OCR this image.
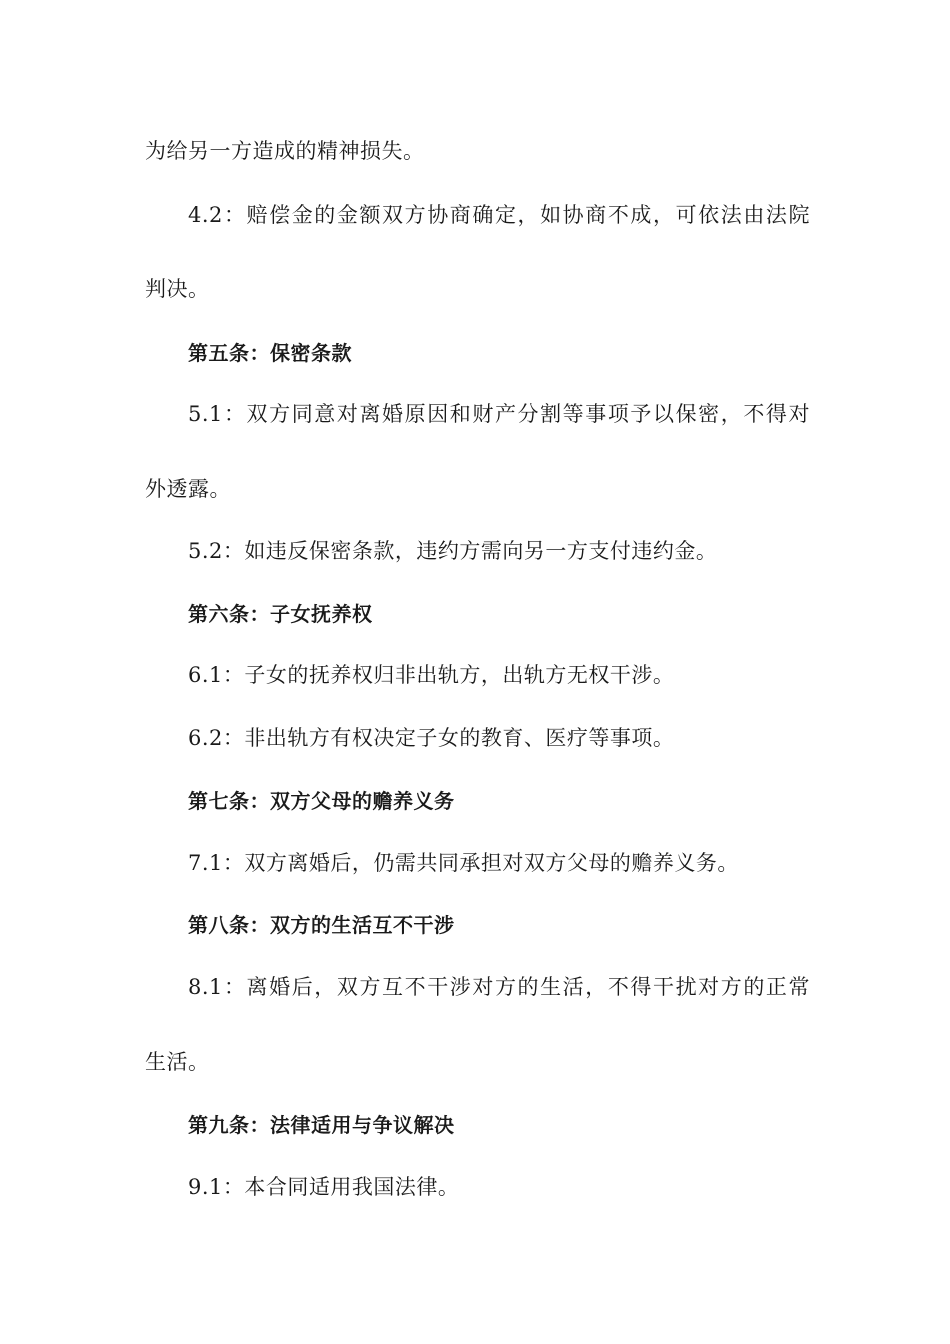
为给另一方造成的精神损失。
4.2：赔偿金的金额双方协商确定，如协商不成，可依法由法院
判决。
第五条：保密条款
5.1：双方同意对离婚原因和财产分割等事项予以保密，不得对
外透露。
5.2：如违反保密条款，违约方需向另一方支付违约金。
第六条：子女抚养权
6.1：子女的抚养权归非出轨方，出轨方无权干涉。
6.2：非出轨方有权决定子女的教育、医疗等事项。
第七条：双方父母的赡养义务
7.1：双方离婚后，仍需共同承担对双方父母的赡养义务。
第八条：双方的生活互不干涉
8.1：离婚后，双方互不干涉对方的生活，不得干扰对方的正常
生活。
第九条：法律适用与争议解决
9.1：本合同适用我国法律。
